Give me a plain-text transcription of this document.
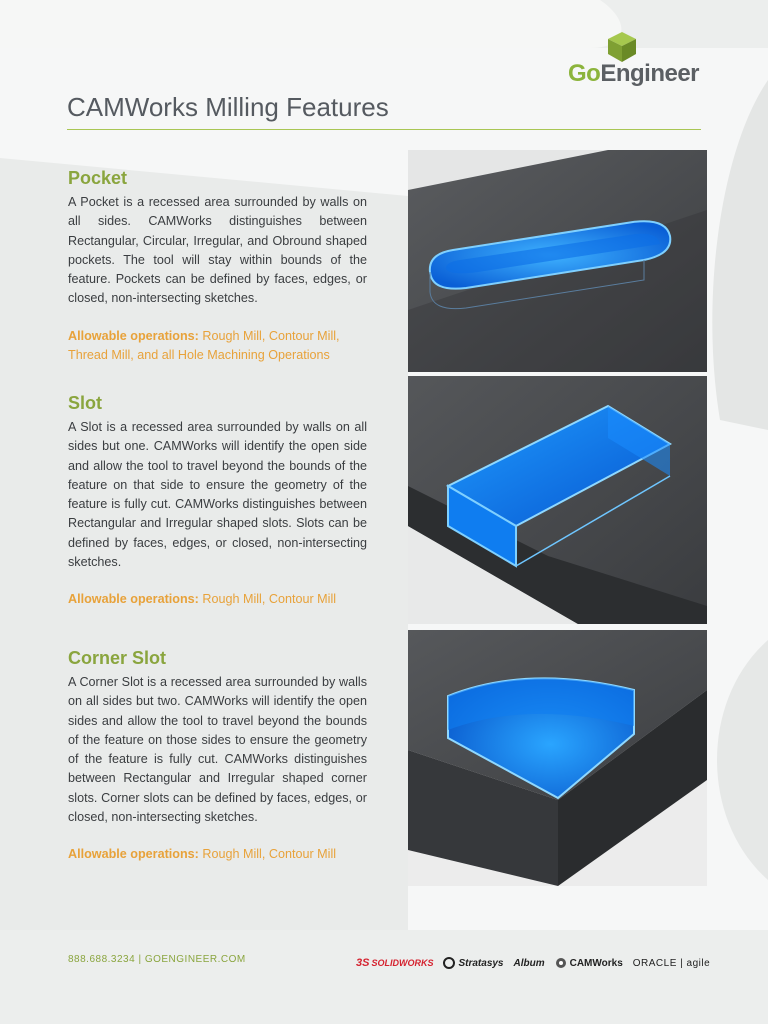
GoEngineer
CAMWorks Milling Features
Pocket

A Pocket is a recessed area surrounded by walls on all sides. CAMWorks distinguishes between Rectangular, Circular, Irregular, and Obround shaped pockets. The tool will stay within bounds of the feature. Pockets can be defined by faces, edges, or closed, non-intersecting sketches.

Allowable operations: Rough Mill, Contour Mill, Thread Mill, and all Hole Machining Operations
Slot

A Slot is a recessed area surrounded by walls on all sides but one. CAMWorks will identify the open side and allow the tool to travel beyond the bounds of the feature on that side to ensure the geometry of the feature is fully cut. CAMWorks distinguishes between Rectangular and Irregular shaped slots. Slots can be defined by faces, edges, or closed, non-intersecting sketches.

Allowable operations: Rough Mill, Contour Mill
Corner Slot

A Corner Slot is a recessed area surrounded by walls on all sides but two. CAMWorks will identify the open sides and allow the tool to travel beyond the bounds of the feature on those sides to ensure the geometry of the feature is fully cut. CAMWorks distinguishes between Rectangular and Irregular shaped corner slots. Corner slots can be defined by faces, edges, or closed, non-intersecting sketches.

Allowable operations: Rough Mill, Contour Mill
888.688.3234 | GOENGINEER.COM	3S SOLIDWORKS	Stratasys Album	CAMWorks ORACLE | agile
